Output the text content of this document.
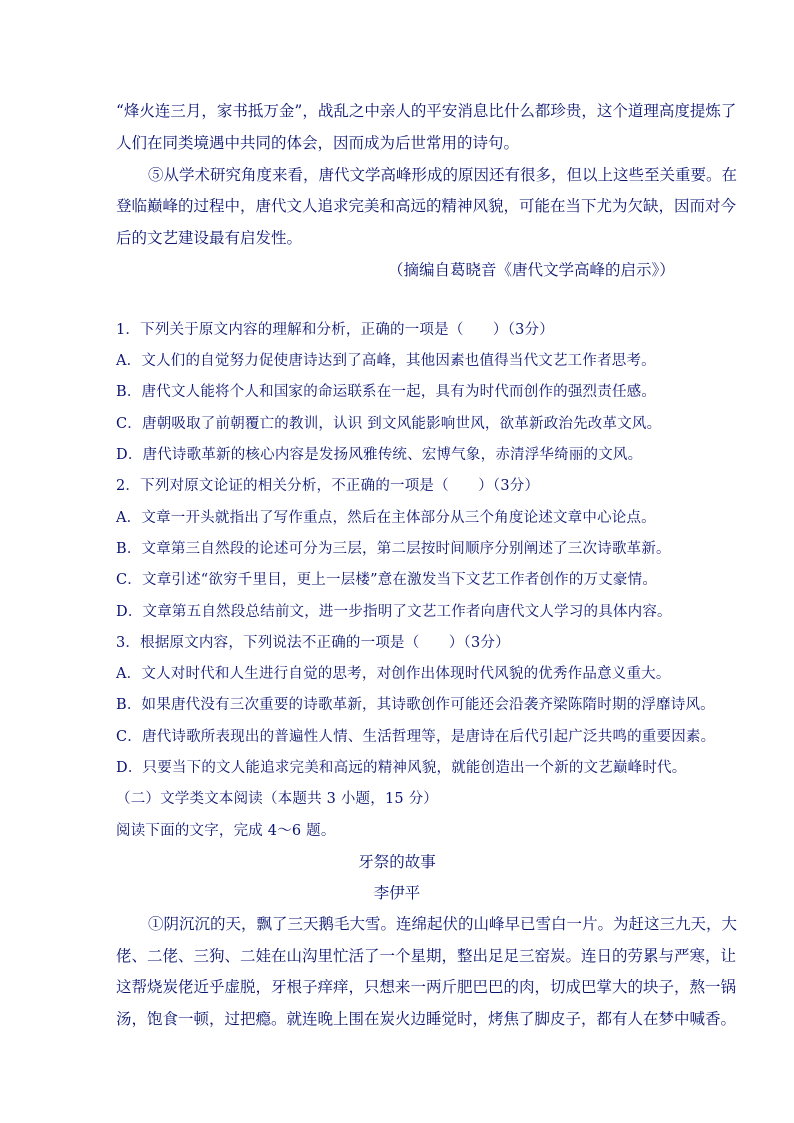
“烽火连三月，家书抵万金”，战乱之中亲人的平安消息比什么都珍贵，这个道理高度提炼了
人们在同类境遇中共同的体会，因而成为后世常用的诗句。
⑤从学术研究角度来看，唐代文学高峰形成的原因还有很多，但以上这些至关重要。在
登临巅峰的过程中，唐代文人追求完美和高远的精神风貌，可能在当下尤为欠缺，因而对今
后的文艺建设最有启发性。
（摘编自葛晓音《唐代文学高峰的启示》）
1．下列关于原文内容的理解和分析，正确的一项是（　　）（3分）
A．文人们的自觉努力促使唐诗达到了高峰，其他因素也值得当代文艺工作者思考。
B．唐代文人能将个人和国家的命运联系在一起，具有为时代而创作的强烈责任感。
C．唐朝吸取了前朝覆亡的教训，认识 到文风能影响世风，欲革新政治先改革文风。
D．唐代诗歌革新的核心内容是发扬风雅传统、宏博气象，赤清浮华绮丽的文风。
2．下列对原文论证的相关分析，不正确的一项是（　　）（3分）
A．文章一开头就指出了写作重点，然后在主体部分从三个角度论述文章中心论点。
B．文章第三自然段的论述可分为三层，第二层按时间顺序分别阐述了三次诗歌革新。
C．文章引述“欲穷千里目，更上一层楼”意在激发当下文艺工作者创作的万丈豪情。
D．文章第五自然段总结前文，进一步指明了文艺工作者向唐代文人学习的具体内容。
3．根据原文内容，下列说法不正确的一项是（　　）（3分）
A．文人对时代和人生进行自觉的思考，对创作出体现时代风貌的优秀作品意义重大。
B．如果唐代没有三次重要的诗歌革新，其诗歌创作可能还会沿袭齐梁陈隋时期的浮靡诗风。
C．唐代诗歌所表现出的普遍性人情、生活哲理等，是唐诗在后代引起广泛共鸣的重要因素。
D．只要当下的文人能追求完美和高远的精神风貌，就能创造出一个新的文艺巅峰时代。
（二）文学类文本阅读（本题共 3 小题，15 分）
阅读下面的文字，完成 4～6 题。
牙祭的故事
李伊平
①阴沉沉的天，飘了三天鹅毛大雪。连绵起伏的山峰早已雪白一片。为赶这三九天，大
佬、二佬、三狗、二娃在山沟里忙活了一个星期，整出足足三窑炭。连日的劳累与严寒，让
这帮烧炭佬近乎虚脱，牙根子痒痒，只想来一两斤肥巴巴的肉，切成巴掌大的块子，熬一锅
汤，饱食一顿，过把瘾。就连晚上围在炭火边睡觉时，烤焦了脚皮子，都有人在梦中喊香。
